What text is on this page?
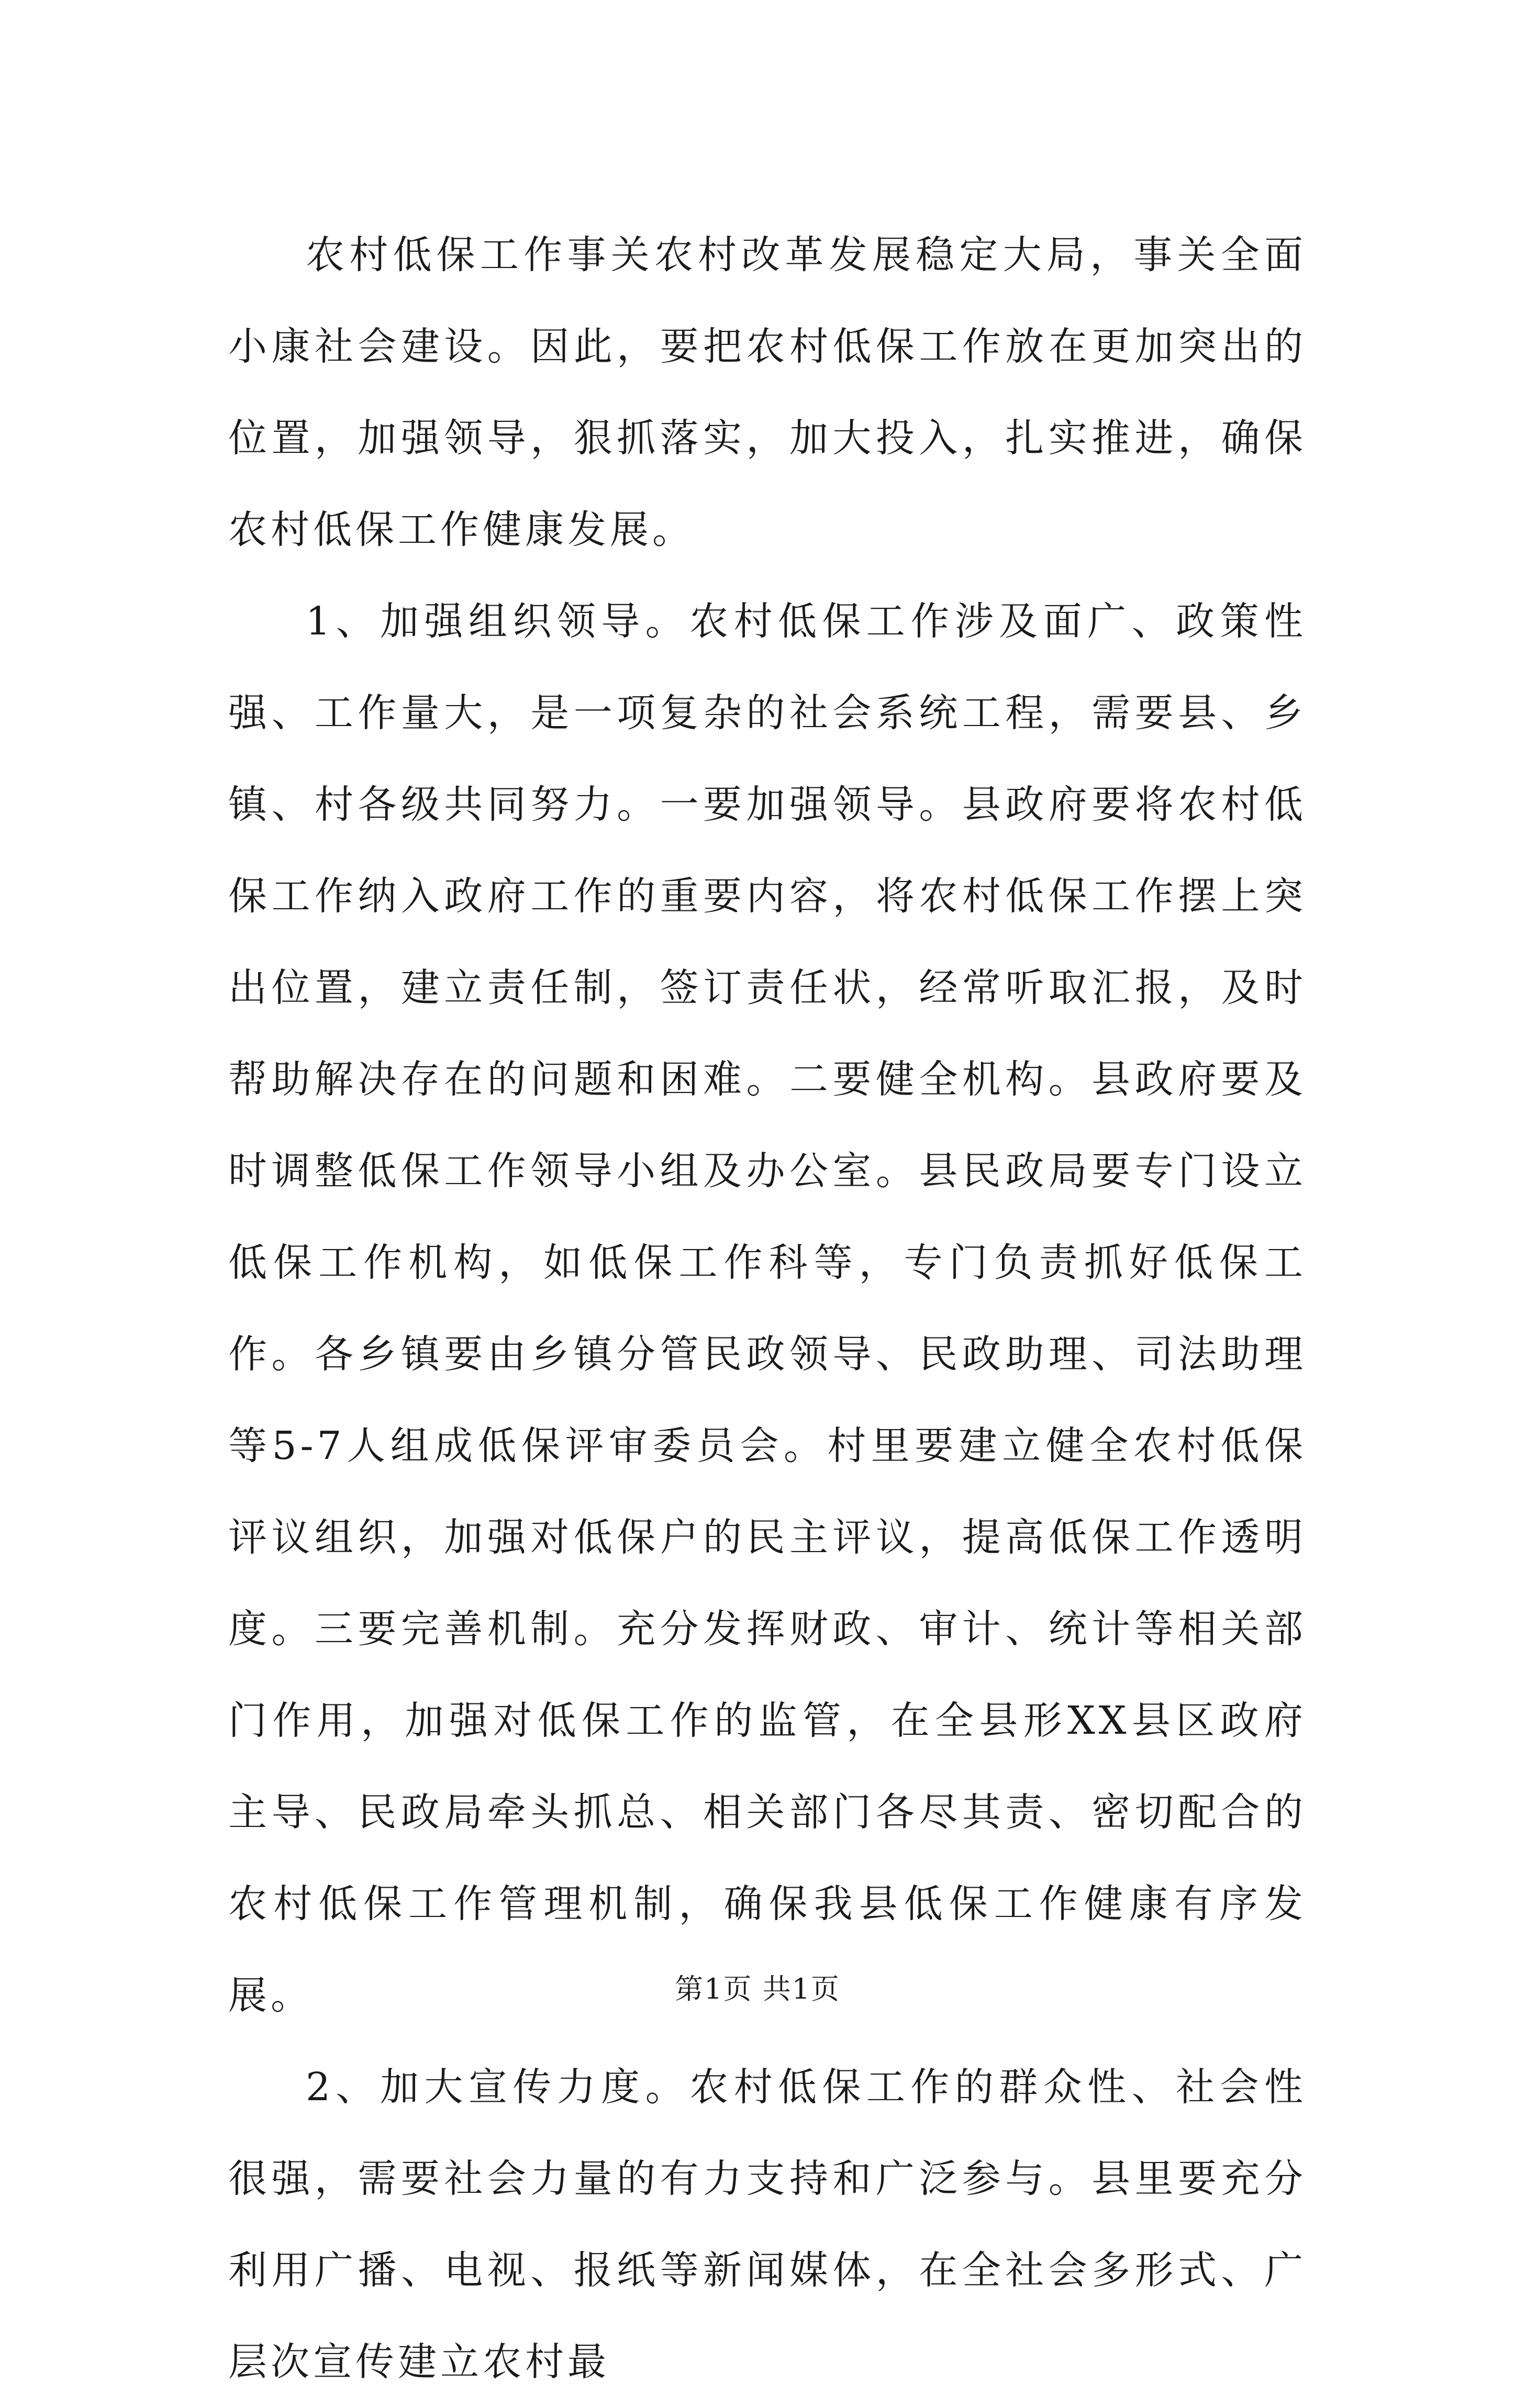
农村低保工作事关农村改革发展稳定大局，事关全面小康社会建设。因此，要把农村低保工作放在更加突出的位置，加强领导，狠抓落实，加大投入，扎实推进，确保农村低保工作健康发展。

1、加强组织领导。农村低保工作涉及面广、政策性强、工作量大，是一项复杂的社会系统工程，需要县、乡镇、村各级共同努力。一要加强领导。县政府要将农村低保工作纳入政府工作的重要内容，将农村低保工作摆上突出位置，建立责任制，签订责任状，经常听取汇报，及时帮助解决存在的问题和困难。二要健全机构。县政府要及时调整低保工作领导小组及办公室。县民政局要专门设立低保工作机构，如低保工作科等，专门负责抓好低保工作。各乡镇要由乡镇分管民政领导、民政助理、司法助理等5-7人组成低保评审委员会。村里要建立健全农村低保评议组织，加强对低保户的民主评议，提高低保工作透明度。三要完善机制。充分发挥财政、审计、统计等相关部门作用，加强对低保工作的监管，在全县形XX县区政府主导、民政局牵头抓总、相关部门各尽其责、密切配合的农村低保工作管理机制，确保我县低保工作健康有序发展。

2、加大宣传力度。农村低保工作的群众性、社会性很强，需要社会力量的有力支持和广泛参与。县里要充分利用广播、电视、报纸等新闻媒体，在全社会多形式、广层次宣传建立农村最

第1页 共1页
